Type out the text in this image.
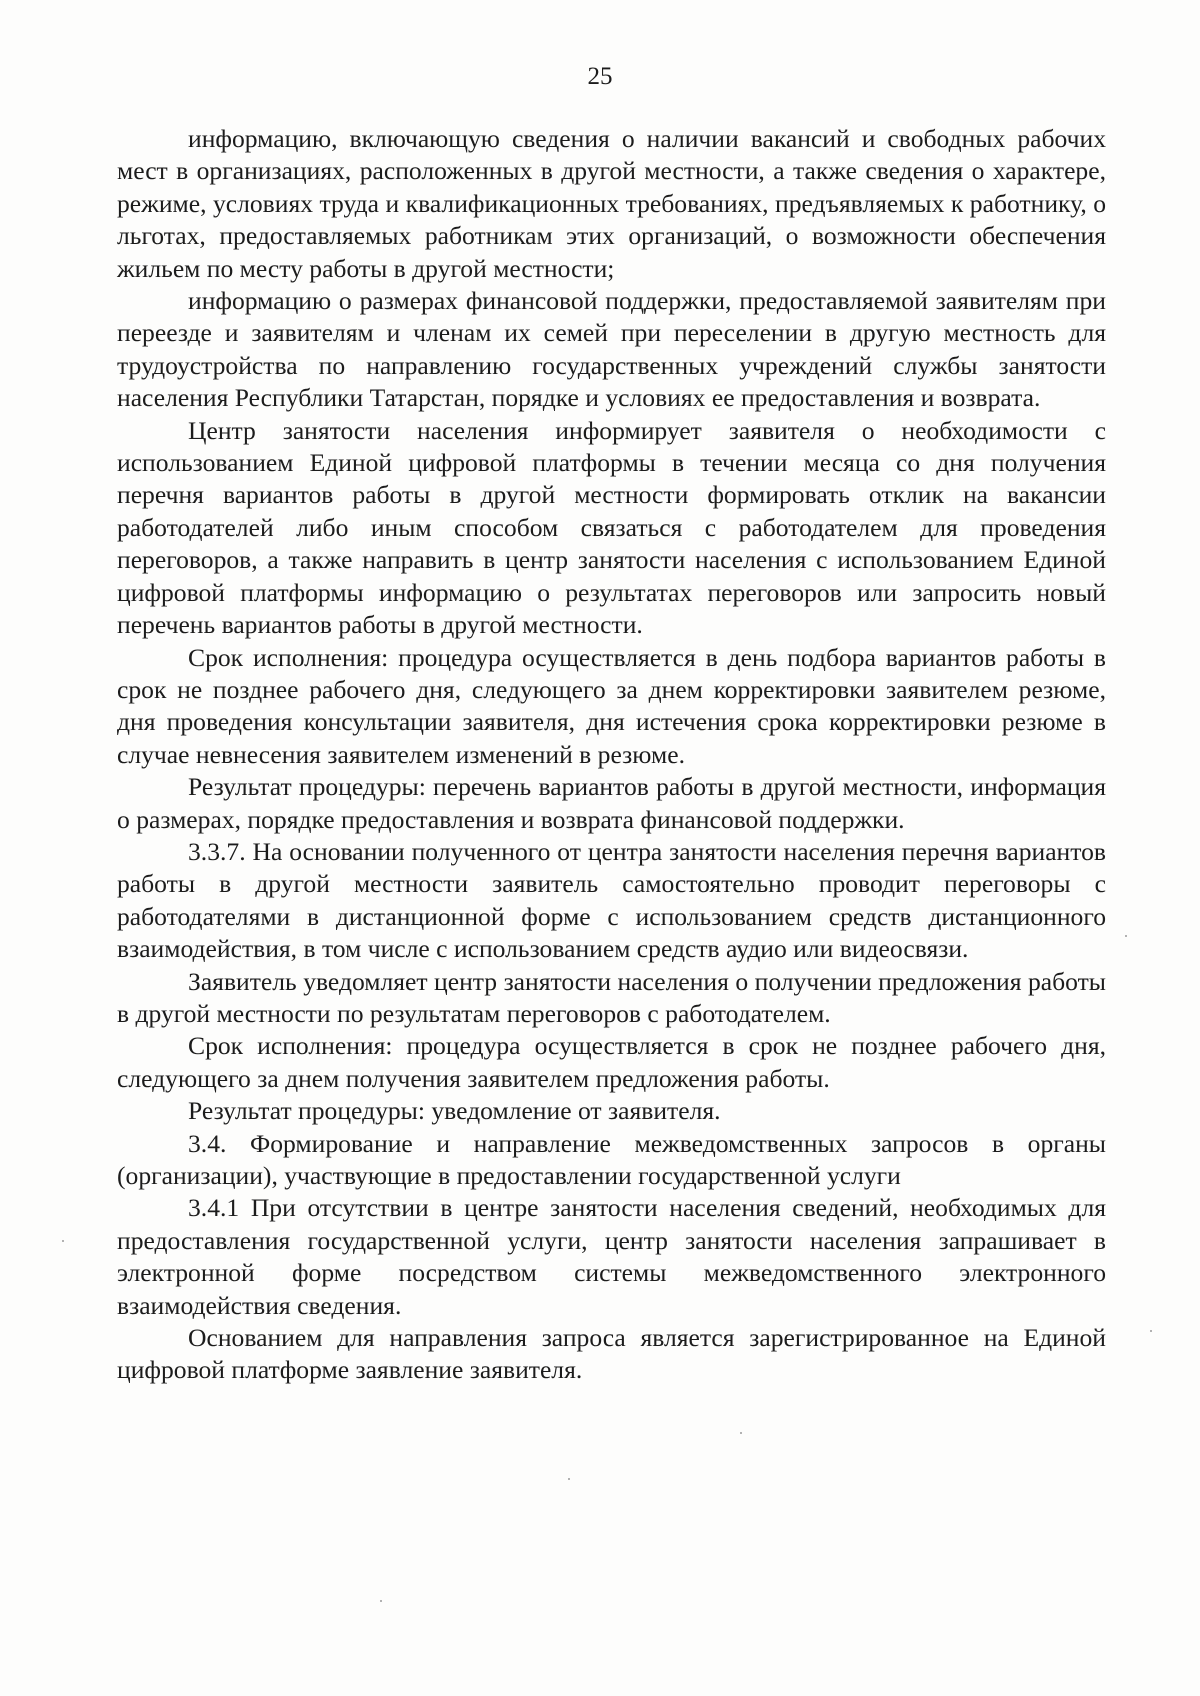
25

информацию, включающую сведения о наличии вакансий и свободных рабочих мест в организациях, расположенных в другой местности, а также сведения о характере, режиме, условиях труда и квалификационных требованиях, предъявляемых к работнику, о льготах, предоставляемых работникам этих организаций, о возможности обеспечения жильем по месту работы в другой местности;

информацию о размерах финансовой поддержки, предоставляемой заявителям при переезде и заявителям и членам их семей при переселении в другую местность для трудоустройства по направлению государственных учреждений службы занятости населения Республики Татарстан, порядке и условиях ее предоставления и возврата.

Центр занятости населения информирует заявителя о необходимости с использованием Единой цифровой платформы в течении месяца со дня получения перечня вариантов работы в другой местности формировать отклик на вакансии работодателей либо иным способом связаться с работодателем для проведения переговоров, а также направить в центр занятости населения с использованием Единой цифровой платформы информацию о результатах переговоров или запросить новый перечень вариантов работы в другой местности.

Срок исполнения: процедура осуществляется в день подбора вариантов работы в срок не позднее рабочего дня, следующего за днем корректировки заявителем резюме, дня проведения консультации заявителя, дня истечения срока корректировки резюме в случае невнесения заявителем изменений в резюме.

Результат процедуры: перечень вариантов работы в другой местности, информация о размерах, порядке предоставления и возврата финансовой поддержки.

3.3.7. На основании полученного от центра занятости населения перечня вариантов работы в другой местности заявитель самостоятельно проводит переговоры с работодателями в дистанционной форме с использованием средств дистанционного взаимодействия, в том числе с использованием средств аудио или видеосвязи.

Заявитель уведомляет центр занятости населения о получении предложения работы в другой местности по результатам переговоров с работодателем.

Срок исполнения: процедура осуществляется в срок не позднее рабочего дня, следующего за днем получения заявителем предложения работы.

Результат процедуры: уведомление от заявителя.

3.4. Формирование и направление межведомственных запросов в органы (организации), участвующие в предоставлении государственной услуги

3.4.1 При отсутствии в центре занятости населения сведений, необходимых для предоставления государственной услуги, центр занятости населения запрашивает в электронной форме посредством системы межведомственного электронного взаимодействия сведения.

Основанием для направления запроса является зарегистрированное на Единой цифровой платформе заявление заявителя.
